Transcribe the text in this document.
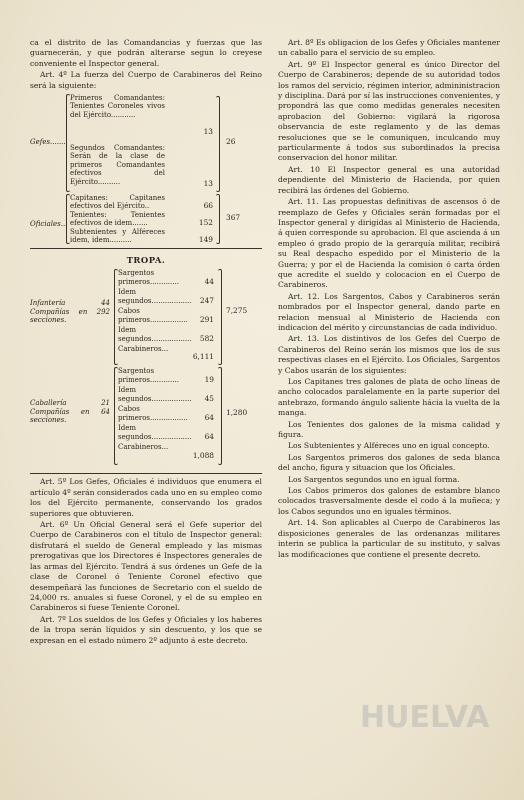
ca el distrito de las Comandancias y fuerzas que las guarnecerán, y que podrán alterarse segun lo creyese conveniente el Inspector general.

Art. 4º La fuerza del Cuerpo de Carabineros del Reino será la siguiente:

Gefes.......
Primeros Comandantes: Tenientes Coroneles vivos del Ejército...........
Segundos Comandantes: Serán de la clase de primeros Comandantes efectivos del Ejército..........
13
13
26
Oficiales...
Capitanes: Capitanes efectivos del Ejército..
Tenientes: Tenientes efectivos de idem.......
Subtenientes y Alféreces idem, idem..........
66
152
149
367
TROPA.
Infantería 44 Compañías en 292 secciones.
Sargentos primeros.............
Idem segundos..................
Cabos primeros.................
Idem segundos..................
Carabineros...
44
247
291
582
6,111
7,275
Caballería 21 Compañías en 64 secciones.
Sargentos primeros.............
Idem segundos..................
Cabos primeros.................
Idem segundos..................
Carabineros...
19
45
64
64
1,088
1,280

Art. 5º Los Gefes, Oficiales é individuos que enumera el artículo 4º serán considerados cada uno en su empleo como los del Ejército permanente, conservando los grados superiores que obtuvieren.

Art. 6º Un Oficial General será el Gefe superior del Cuerpo de Carabineros con el título de Inspector general: disfrutará el sueldo de General empleado y las mismas prerogativas que los Directores é Inspectores generales de las armas del Ejército. Tendrá á sus órdenes un Gefe de la clase de Coronel ó Teniente Coronel efectivo que desempeñará las funciones de Secretario con el sueldo de 24,000 rs. anuales si fuese Coronel, y el de su empleo en Carabineros si fuese Teniente Coronel.

Art. 7º Los sueldos de los Gefes y Oficiales y los haberes de la tropa serán líquidos y sin descuento, y los que se expresan en el estado número 2º adjunto á este decreto.

Art. 8º Es obligacion de los Gefes y Oficiales mantener un caballo para el servicio de su empleo.

Art. 9º El Inspector general es único Director del Cuerpo de Carabineros; depende de su autoridad todos los ramos del servicio, régimen interior, admininistracion y disciplina. Dará por sí las instrucciones convenientes, y propondrá las que como medidas generales necesiten aprobacion del Gobierno: vigilará la rigorosa observancia de este reglamento y de las demas resoluciones que se le comuniquen, inculcando muy particularmente á todos sus subordinados la precisa conservacion del honor militar.

Art. 10 El Inspector general es una autoridad dependiente del Ministerio de Hacienda, por quien recibirá las órdenes del Gobierno.

Art. 11. Las propuestas definitivas de ascensos ó de reemplazo de Gefes y Oficiales serán formadas por el Inspector general y dirigidas al Ministerio de Hacienda, á quien corresponde su aprobacion. El que ascienda á un empleo ó grado propio de la gerarquía militar, recibirá su Real despacho espedido por el Ministerio de la Guerra; y por el de Hacienda la comision ó carta órden que acredite el sueldo y colocacion en el Cuerpo de Carabineros.

Art. 12. Los Sargentos, Cabos y Carabineros serán nombrados por el Inspector general, dando parte en relacion mensual al Ministerio de Hacienda con indicacion del mérito y circunstancias de cada individuo.

Art. 13. Los distintivos de los Gefes del Cuerpo de Carabineros del Reino serán los mismos que los de sus respectivas clases en el Ejército. Los Oficiales, Sargentos y Cabos usarán de los siguientes:

Los Capitanes tres galones de plata de ocho líneas de ancho colocados paralelamente en la parte superior del antebrazo, formando ángulo saliente hácia la vuelta de la manga.

Los Tenientes dos galones de la misma calidad y figura.

Los Subtenientes y Alféreces uno en igual concepto.

Los Sargentos primeros dos galones de seda blanca del ancho, figura y situacion que los Oficiales.

Los Sargentos segundos uno en igual forma.

Los Cabos primeros dos galones de estambre blanco colocados trasversalmente desde el codo á la muñeca; y los Cabos segundos uno en iguales términos.

Art. 14. Son aplicables al Cuerpo de Carabineros las disposiciones generales de las ordenanzas militares interin se publica la particular de su instituto, y salvas las modificaciones que contiene el presente decreto.

HUELVA
